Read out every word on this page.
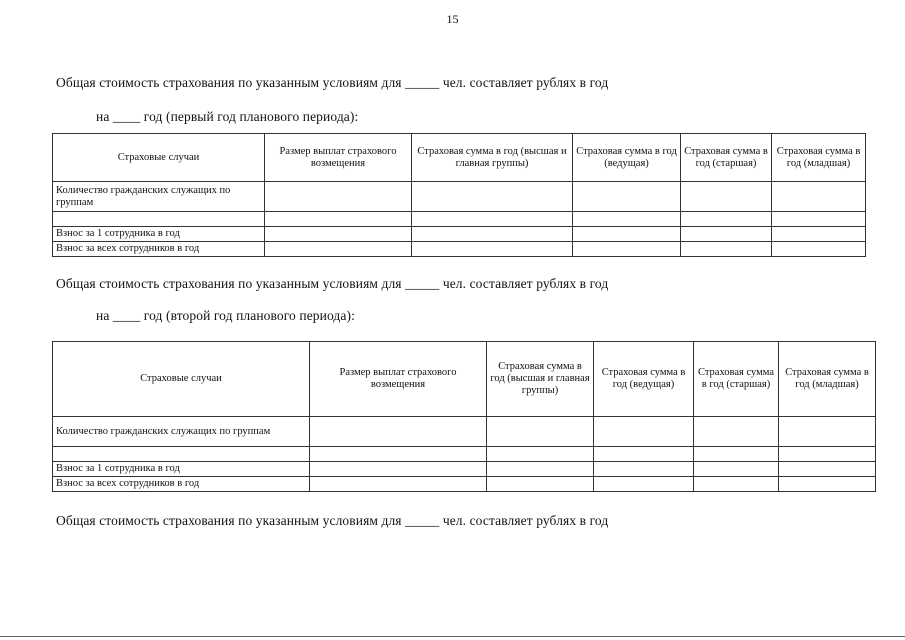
15
Общая стоимость страхования по указанным условиям для _____ чел. составляет рублях в год
на ____ год (первый год планового периода):
Страховые случаи	Размер выплат страхового возмещения	Страховая сумма в год (высшая и главная группы)	Страховая сумма в год (ведущая)	Страховая сумма в год (старшая)	Страховая сумма в год (младшая)
Количество гражданских служащих по группам					

Взнос за 1 сотрудника в год					
Взнос за всех сотрудников в год					
Общая стоимость страхования по указанным условиям для _____ чел. составляет рублях в год
на ____ год (второй год планового периода):
Страховые случаи	Размер выплат страхового возмещения	Страховая сумма в год (высшая и главная группы)	Страховая сумма в год (ведущая)	Страховая сумма в год (старшая)	Страховая сумма в год (младшая)
Количество гражданских служащих по группам					

Взнос за 1 сотрудника в год					
Взнос за всех сотрудников в год					
Общая стоимость страхования по указанным условиям для _____ чел. составляет рублях в год
